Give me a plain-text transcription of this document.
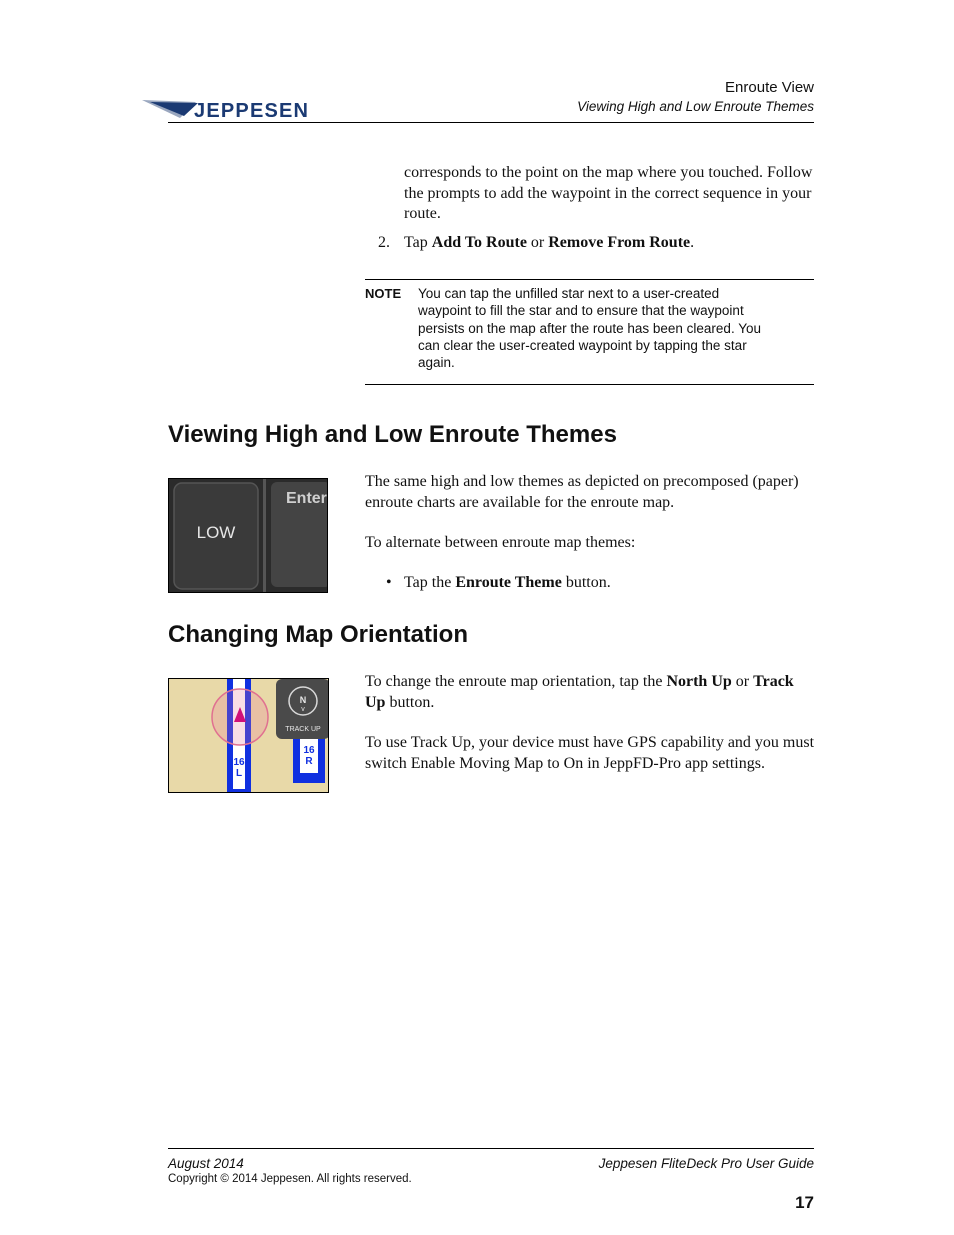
JEPPESEN
Enroute View
Viewing High and Low Enroute Themes
corresponds to the point on the map where you touched. Follow the prompts to add the waypoint in the correct sequence in your route.
2. Tap Add To Route or Remove From Route.
NOTE You can tap the unfilled star next to a user-created waypoint to fill the star and to ensure that the waypoint persists on the map after the route has been cleared. You can clear the user-created waypoint by tapping the star again.
Viewing High and Low Enroute Themes
LOW
Enter
The same high and low themes as depicted on precomposed (paper) enroute charts are available for the enroute map.
To alternate between enroute map themes:
• Tap the Enroute Theme button.
Changing Map Orientation
16
L
16
R
N
v
TRACK UP
To change the enroute map orientation, tap the North Up or Track Up button.
To use Track Up, your device must have GPS capability and you must switch Enable Moving Map to On in JeppFD-Pro app settings.
August 2014	Jeppesen FliteDeck Pro User Guide
Copyright © 2014 Jeppesen. All rights reserved.
17
